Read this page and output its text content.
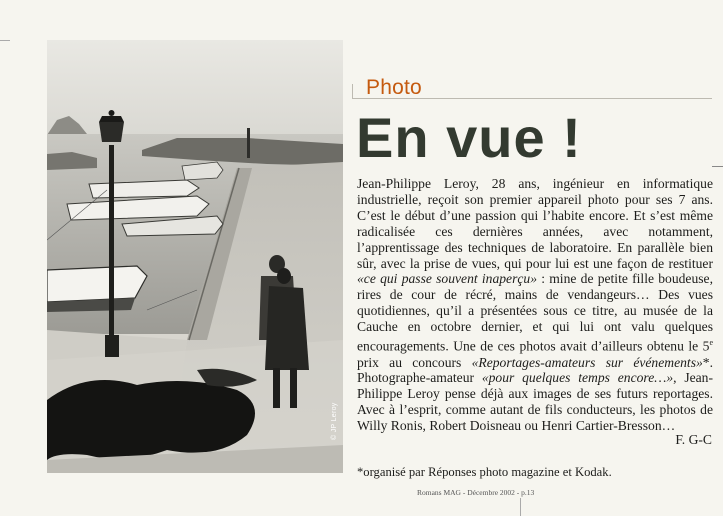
© JP Leroy
Photo
En vue !

Jean-Philippe Leroy, 28 ans, ingénieur en informatique industrielle, reçoit son premier appareil photo pour ses 7 ans. C’est le début d’une passion qui l’habite encore. Et s’est même radicalisée ces dernières années, avec notamment, l’apprentissage des techniques de laboratoire. En parallèle bien sûr, avec la prise de vues, qui pour lui est une façon de restituer «ce qui passe souvent inaperçu» : mine de petite fille boudeuse, rires de cour de récré, mains de vendangeurs… Des vues quotidiennes, qu’il a présentées sous ce titre, au musée de la Cauche en octobre dernier, et qui lui ont valu quelques encouragements. Une de ces photos avait d’ailleurs obtenu le 5e prix au concours «Reportages-amateurs sur événements»*. Photographe-amateur «pour quelques temps encore…», Jean-Philippe Leroy pense déjà aux images de ses futurs reportages. Avec à l’esprit, comme autant de fils conducteurs, les photos de Willy Ronis, Robert Doisneau ou Henri Cartier-Bresson…

F. G-C
*organisé par Réponses photo magazine et Kodak.
Romans MAG - Décembre 2002 - p.13
